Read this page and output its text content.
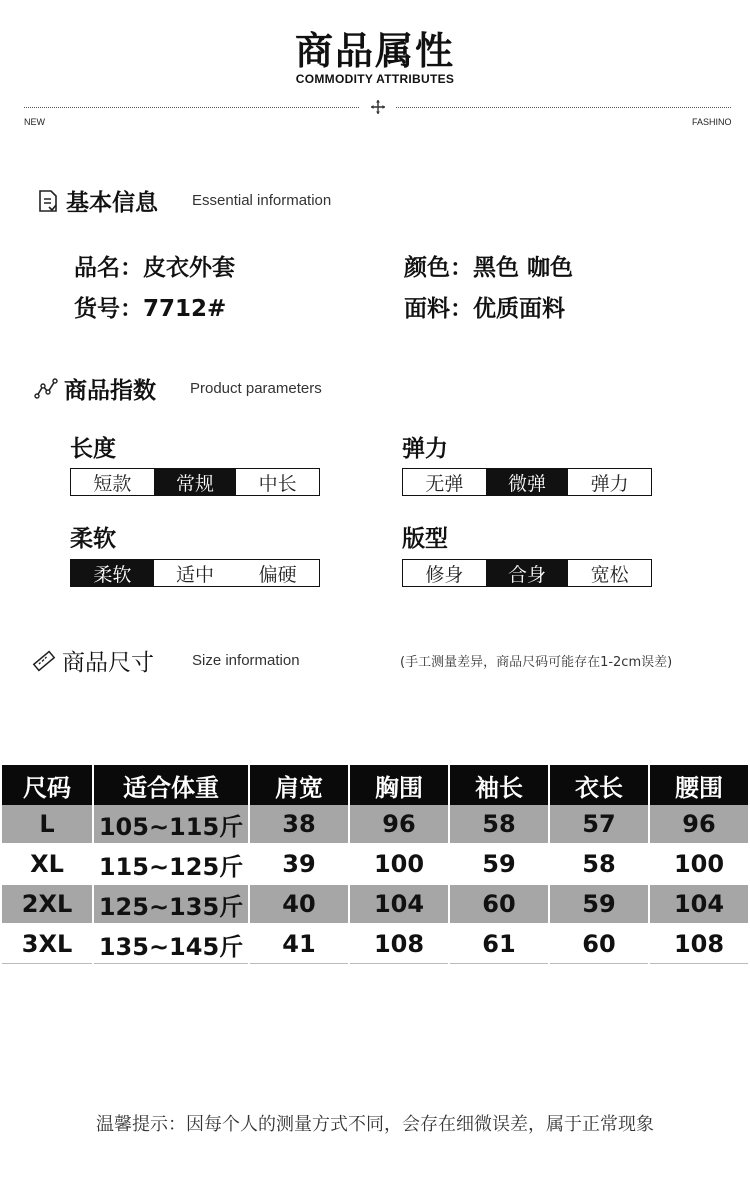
商品属性
COMMODITY ATTRIBUTES
NEW	FASHINO
基本信息 Essential information
品名：皮衣外套
货号：7712#
颜色：黑色 咖色
面料：优质面料
商品指数 Product parameters
长度
短款	常规	中长
弹力
无弹	微弹	弹力
柔软
柔软	适中	偏硬
版型
修身	合身	宽松
商品尺寸	Size information	(手工测量差异，商品尺码可能存在1-2cm误差)
尺码	适合体重	肩宽	胸围	袖长	衣长	腰围
L	105~115斤	38	96	58	57	96
XL	115~125斤	39	100	59	58	100
2XL	125~135斤	40	104	60	59	104
3XL	135~145斤	41	108	61	60	108
温馨提示：因每个人的测量方式不同，会存在细微误差，属于正常现象
